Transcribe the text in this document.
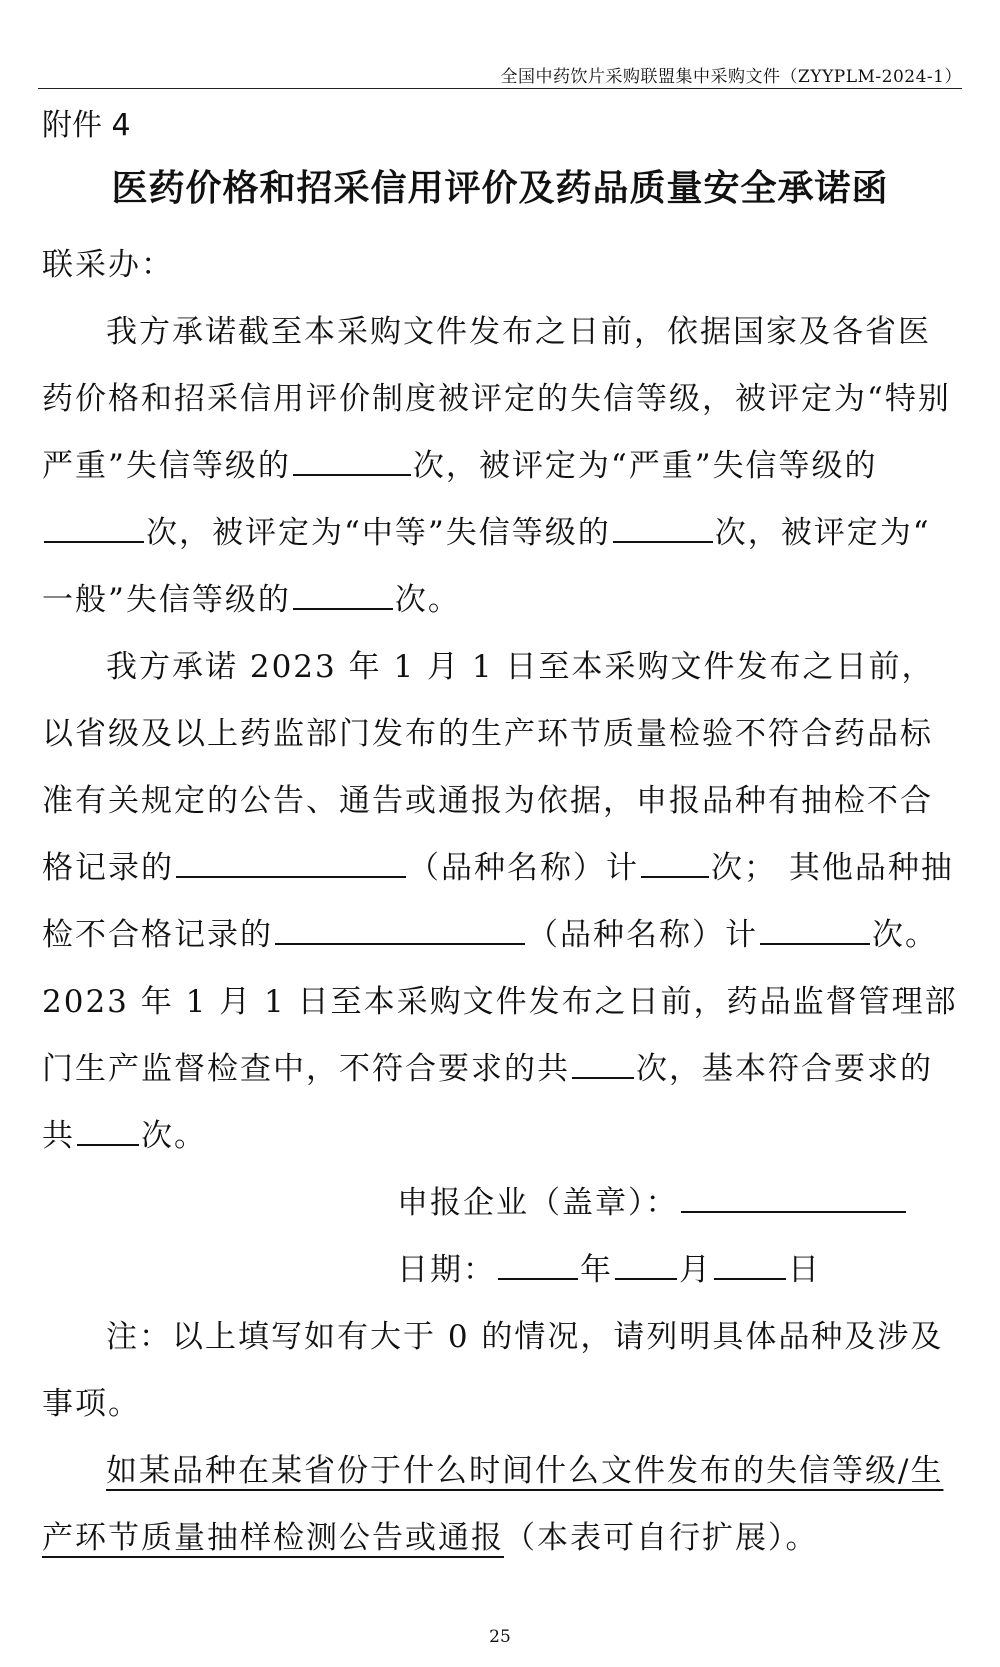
全国中药饮片采购联盟集中采购文件（ZYYPLM-2024-1）
附件 4
医药价格和招采信用评价及药品质量安全承诺函

联采办：

我方承诺截至本采购文件发布之日前，依据国家及各省医药价格和招采信用评价制度被评定的失信等级，被评定为“特别严重”失信等级的	次，被评定为“严重”失信等级的次，被评定为“中等”失信等级的	次，被评定为“ 一般”失信等级的	次。

我方承诺 2023 年 1 月 1 日至本采购文件发布之日前，以省级及以上药监部门发布的生产环节质量检验不符合药品标准有关规定的公告、通告或通报为依据，申报品种有抽检不合格记录的	（品种名称）计 次； 其他品种抽检不合格记录的	（品种名称）计	次。 2023 年 1 月 1 日至本采购文件发布之日前，药品监督管理部门生产监督检查中，不符合要求的共 次，基本符合要求的共 次。

申报企业（盖章）：

日期：	年 月 日

注：以上填写如有大于 0 的情况，请列明具体品种及涉及事项。

如某品种在某省份于什么时间什么文件发布的失信等级/生产环节质量抽样检测公告或通报（本表可自行扩展）。

25
